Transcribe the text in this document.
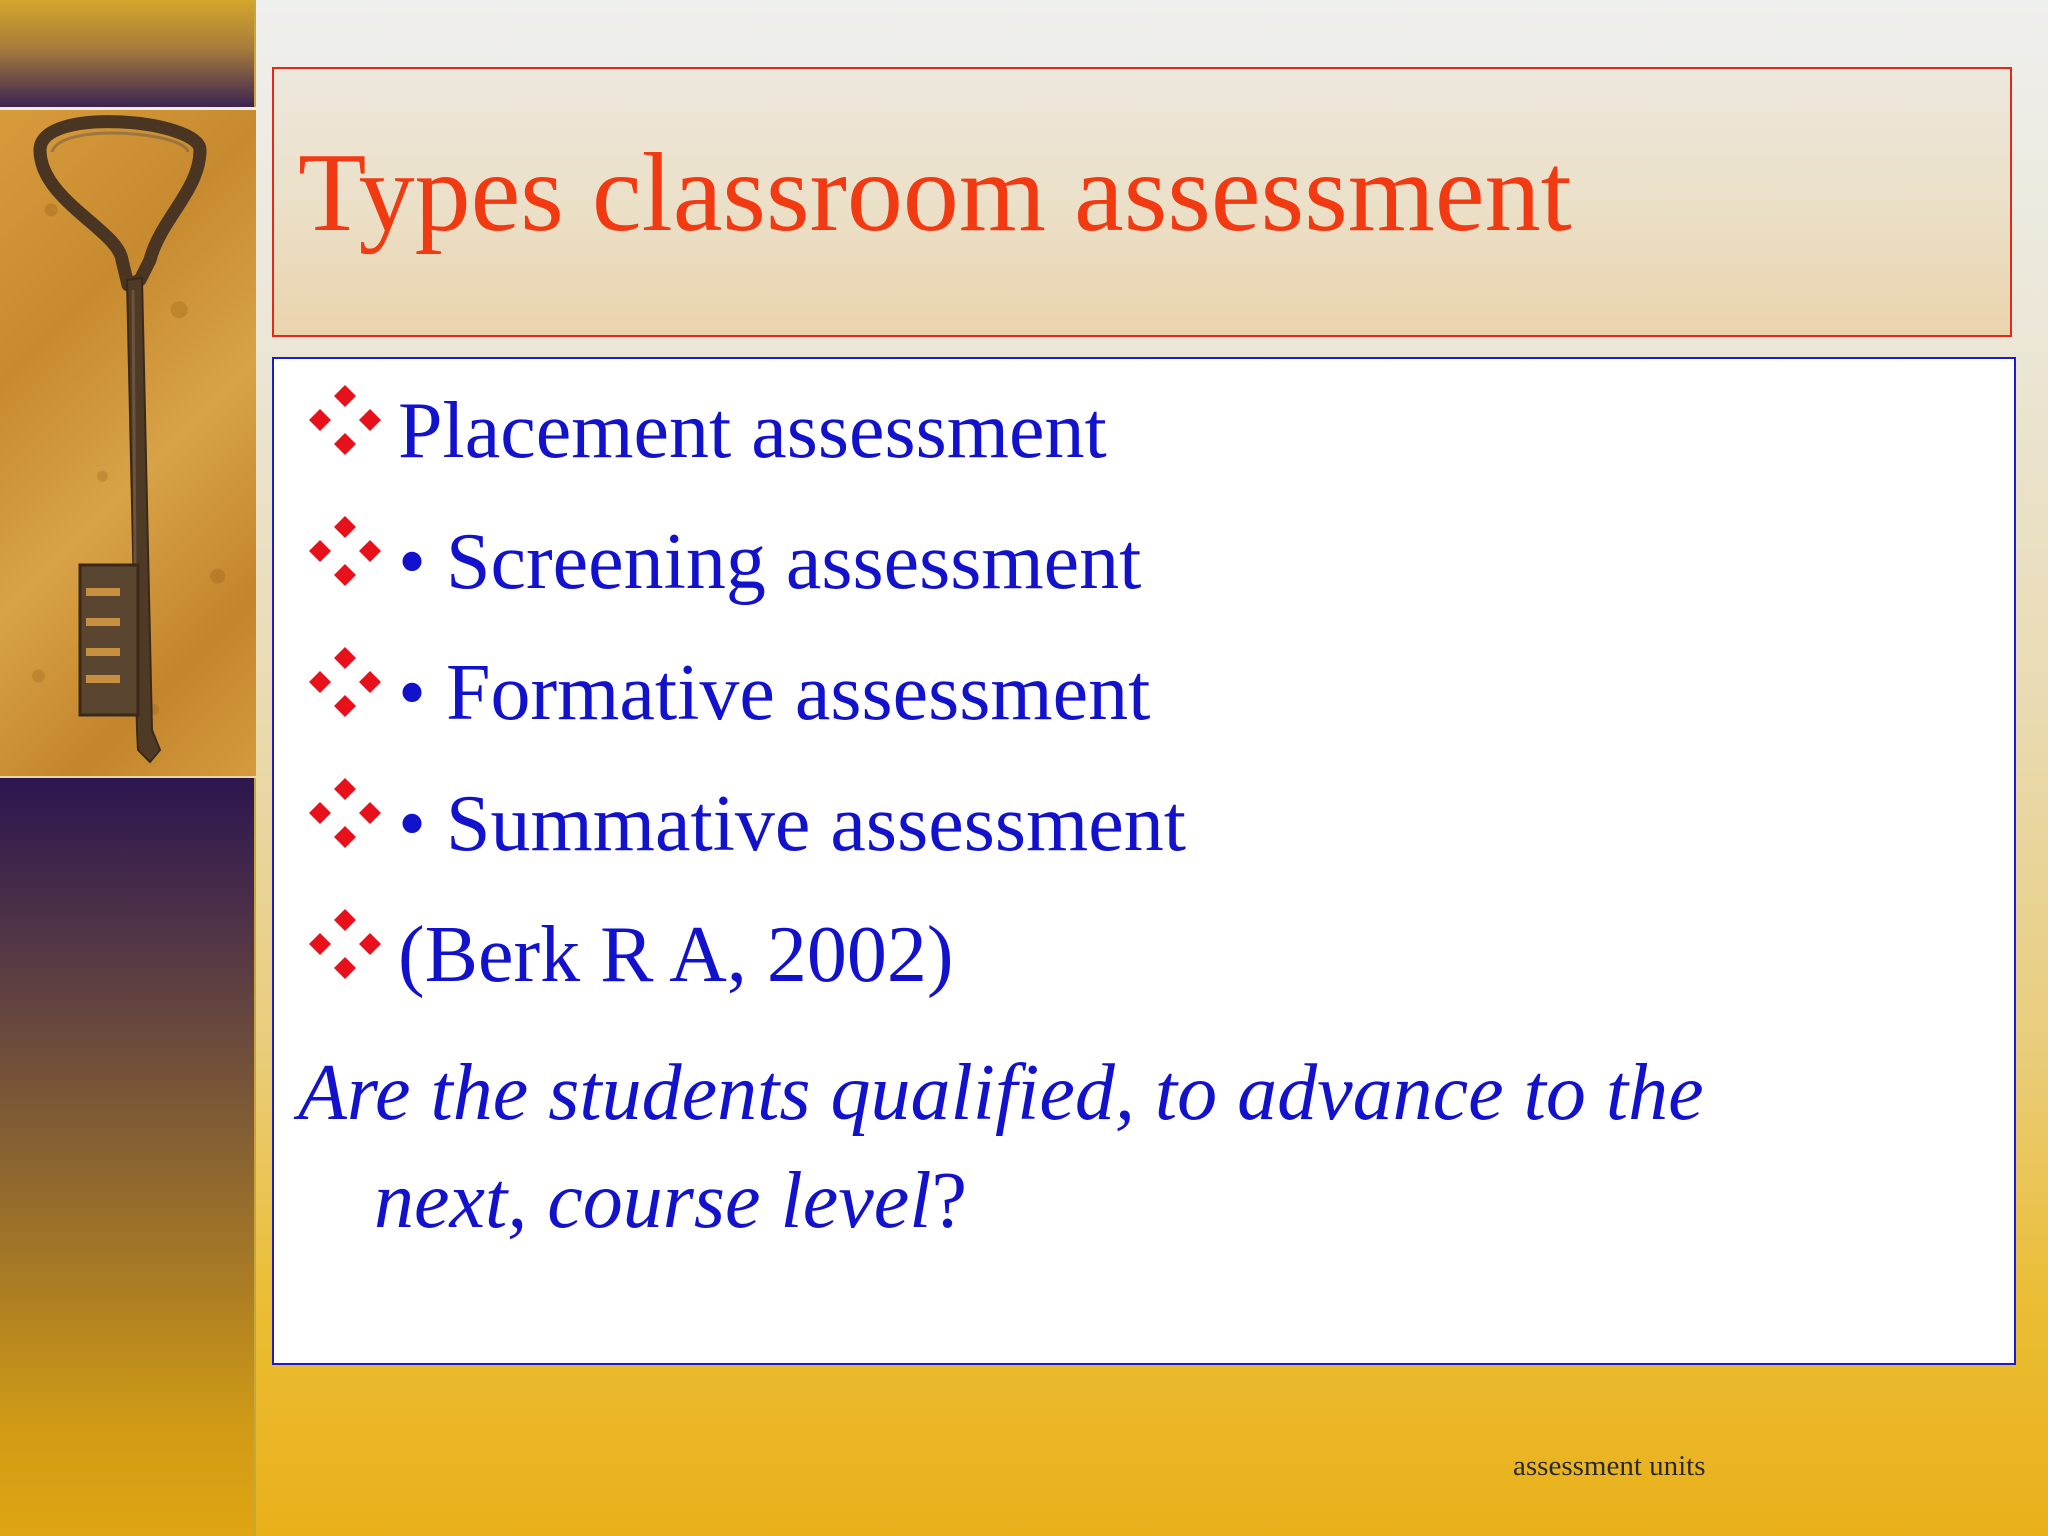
Types classroom assessment
Placement assessment
• Screening assessment
• Formative assessment
• Summative assessment
(Berk R A, 2002)

Are the students qualified, to advance to the
next, course level?

assessment units
